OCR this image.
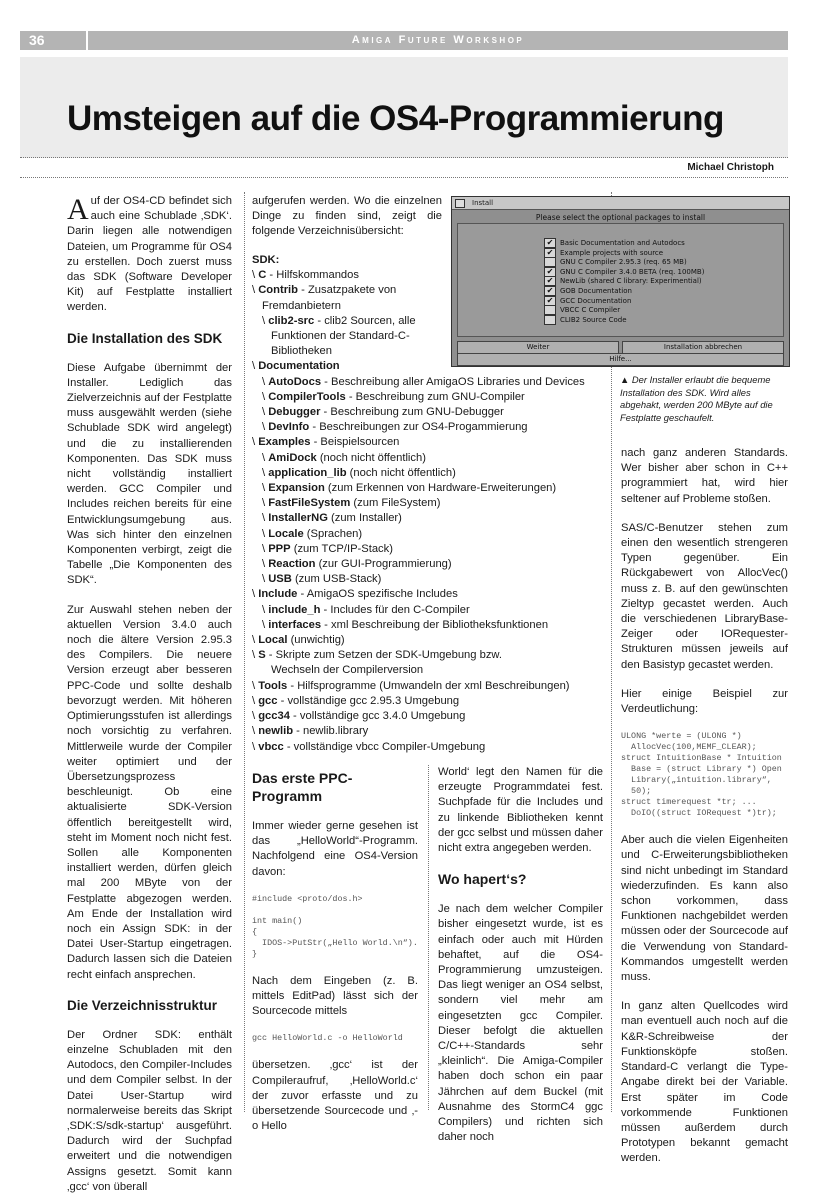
36	Amiga Future Workshop
Umsteigen auf die OS4-Programmierung
Michael Christoph

Auf der OS4-CD befindet sich auch eine Schublade ‚SDK‘. Darin liegen alle notwendigen Dateien, um Programme für OS4 zu erstellen. Doch zuerst muss das SDK (Software Developer Kit) auf Festplatte installiert werden.

Die Installation des SDK

Diese Aufgabe übernimmt der Installer. Lediglich das Zielverzeichnis auf der Festplatte muss ausgewählt werden (siehe Schublade SDK wird angelegt) und die zu installierenden Komponenten. Das SDK muss nicht vollständig installiert werden. GCC Compiler und Includes reichen bereits für eine Entwicklungsumgebung aus. Was sich hinter den einzelnen Komponenten verbirgt, zeigt die Tabelle „Die Komponenten des SDK“.

Zur Auswahl stehen neben der aktuellen Version 3.4.0 auch noch die ältere Version 2.95.3 des Compilers. Die neuere Version erzeugt aber besseren PPC-Code und sollte deshalb bevorzugt werden. Mit höheren Optimierungsstufen ist allerdings noch vorsichtig zu verfahren. Mittlerweile wurde der Compiler weiter optimiert und der Übersetzungsprozess beschleunigt. Ob eine aktualisierte SDK-Version öffentlich bereitgestellt wird, steht im Moment noch nicht fest. Sollen alle Komponenten installiert werden, dürfen gleich mal 200 MByte von der Festplatte abgezogen werden. Am Ende der Installation wird noch ein Assign SDK: in der Datei User-Startup eingetragen. Dadurch lassen sich die Dateien recht einfach ansprechen.

Die Verzeichnisstruktur

Der Ordner SDK: enthält einzelne Schubladen mit den Autodocs, den Compiler-Includes und dem Compiler selbst. In der Datei User-Startup wird normalerweise bereits das Skript ‚SDK:S/sdk-startup‘ ausgeführt. Dadurch wird der Suchpfad erweitert und die notwendigen Assigns gesetzt. Somit kann ‚gcc‘ von überall

aufgerufen werden. Wo die einzelnen Dinge zu finden sind, zeigt die folgende Verzeichnisübersicht:

SDK:
\ C - Hilfskommandos
\ Contrib - Zusatzpakete von
Fremdanbietern
\ clib2-src - clib2 Sourcen, alle
Funktionen der Standard-C-
Bibliotheken
\ Documentation
\ AutoDocs - Beschreibung aller AmigaOS Libraries und Devices
\ CompilerTools - Beschreibung zum GNU-Compiler
\ Debugger - Beschreibung zum GNU-Debugger
\ DevInfo - Beschreibungen zur OS4-Progammierung
\ Examples - Beispielsourcen
\ AmiDock (noch nicht öffentlich)
\ application_lib (noch nicht öffentlich)
\ Expansion (zum Erkennen von Hardware-Erweiterungen)
\ FastFileSystem (zum FileSystem)
\ InstallerNG (zum Installer)
\ Locale (Sprachen)
\ PPP (zum TCP/IP-Stack)
\ Reaction (zur GUI-Programmierung)
\ USB (zum USB-Stack)
\ Include - AmigaOS spezifische Includes
\ include_h - Includes für den C-Compiler
\ interfaces - xml Beschreibung der Bibliotheksfunktionen
\ Local (unwichtig)
\ S - Skripte zum Setzen der SDK-Umgebung bzw.
Wechseln der Compilerversion
\ Tools - Hilfsprogramme (Umwandeln der xml Beschreibungen)
\ gcc - vollständige gcc 2.95.3 Umgebung
\ gcc34 - vollständige gcc 3.4.0 Umgebung
\ newlib - newlib.library
\ vbcc - vollständige vbcc Compiler-Umgebung
Das erste PPC-Programm

Immer wieder gerne gesehen ist das „HelloWorld“-Programm. Nachfolgend eine OS4-Version davon:

#include <proto/dos.h>

int main()
{
IDOS->PutStr(„Hello World.\n“).
}

Nach dem Eingeben (z. B. mittels EditPad) lässt sich der Sourcecode mittels

gcc HelloWorld.c -o HelloWorld

übersetzen. ‚gcc‘ ist der Compileraufruf, ‚HelloWorld.c‘ der zuvor erfasste und zu übersetzende Sourcecode und ‚-o Hello

World‘ legt den Namen für die erzeugte Programmdatei fest. Suchpfade für die Includes und zu linkende Bibliotheken kennt der gcc selbst und müssen daher nicht extra angegeben werden.

Wo hapert‘s?

Je nach dem welcher Compiler bisher eingesetzt wurde, ist es einfach oder auch mit Hürden behaftet, auf die OS4-Programmierung umzusteigen. Das liegt weniger an OS4 selbst, sondern viel mehr am eingesetzten gcc Compiler. Dieser befolgt die aktuellen C/C++-Standards sehr „kleinlich“. Die Amiga-Compiler haben doch schon ein paar Jährchen auf dem Buckel (mit Ausnahme des StormC4 ggc Compilers) und richten sich daher noch

nach ganz anderen Standards. Wer bisher aber schon in C++ programmiert hat, wird hier seltener auf Probleme stoßen.

SAS/C-Benutzer stehen zum einen den wesentlich strengeren Typen gegenüber. Ein Rückgabewert von AllocVec() muss z. B. auf den gewünschten Zieltyp gecastet werden. Auch die verschiedenen LibraryBase-Zeiger oder IORequester-Strukturen müssen jeweils auf den Basistyp gecastet werden.

Hier einige Beispiel zur Verdeutlichung:

ULONG *werte = (ULONG *)
AllocVec(100,MEMF_CLEAR);
struct IntuitionBase * Intuition
Base = (struct Library *) Open
Library(„intuition.library“,
50);
struct timerequest *tr; ...
DoIO((struct IORequest *)tr);

Aber auch die vielen Eigenheiten und C-Erweiterungsbibliotheken sind nicht unbedingt im Standard wiederzufinden. Es kann also schon vorkommen, dass Funktionen nachgebildet werden müssen oder der Sourcecode auf die Verwendung von Standard-Kommandos umgestellt werden muss.

In ganz alten Quellcodes wird man eventuell auch noch auf die K&R-Schreibweise der Funktionsköpfe stoßen. Standard-C verlangt die Type-Angabe direkt bei der Variable. Erst später im Code vorkommende Funktionen müssen außerdem durch Prototypen bekannt gemacht werden.

Install
Please select the optional packages to install
✔ Basic Documentation and Autodocs
✔ Example projects with source
GNU C Compiler 2.95.3 (req. 65 MB)
✔ GNU C Compiler 3.4.0 BETA (req. 100MB)
✔ NewLib (shared C library: Experimential)
✔ GOB Documentation
✔ GCC Documentation
VBCC C Compiler
CLIB2 Source Code
Weiter	Installation abbrechen
Hilfe...
▲ Der Installer erlaubt die bequeme Installation des SDK. Wird alles abgehakt, werden 200 MByte auf die Festplatte geschaufelt.
